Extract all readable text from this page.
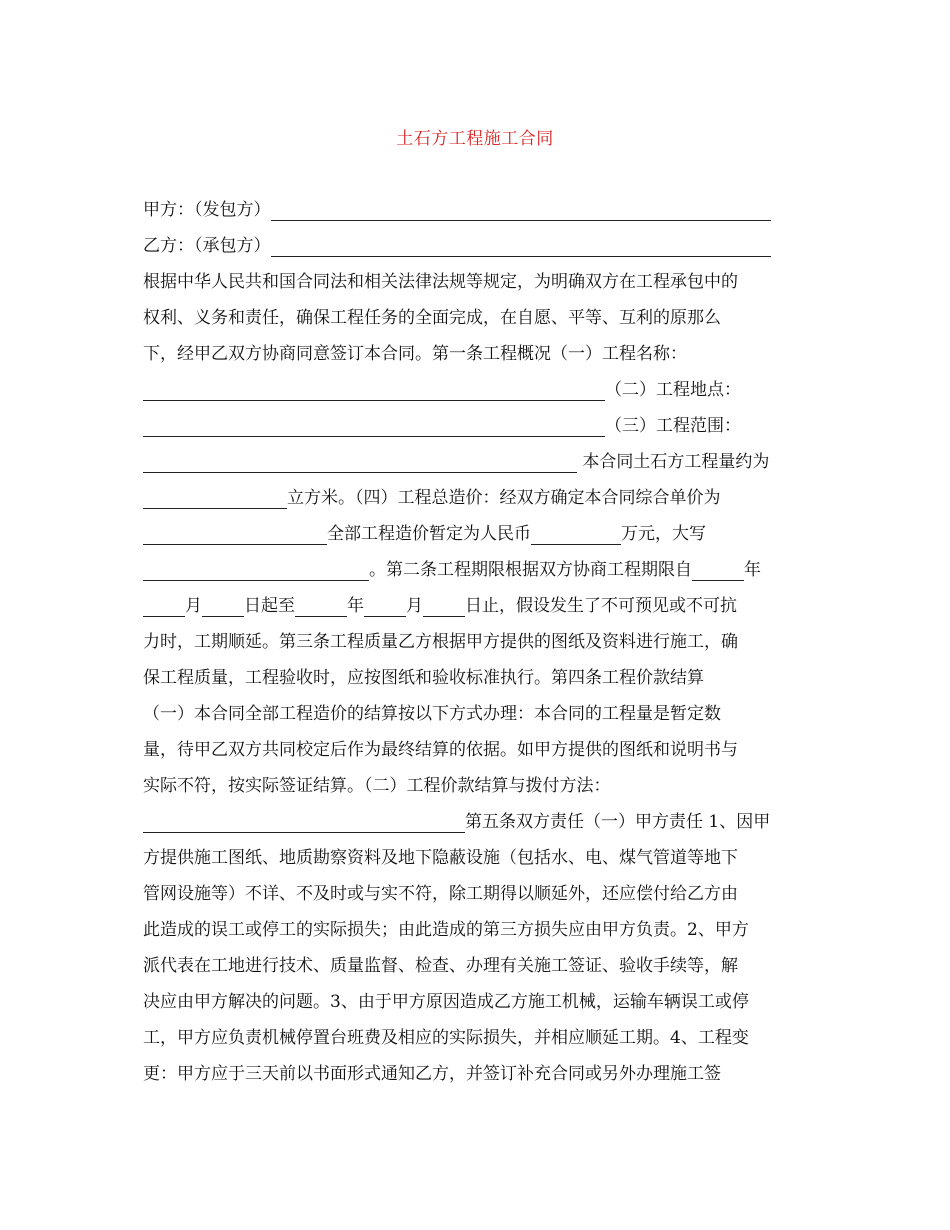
土石方工程施工合同
甲方：（发包方）
乙方：（承包方）
根据中华人民共和国合同法和相关法律法规等规定，为明确双方在工程承包中的
权利、义务和责任，确保工程任务的全面完成，在自愿、平等、互利的原那么
下，经甲乙双方协商同意签订本合同。第一条工程概况（一）工程名称：
（二）工程地点：
（三）工程范围：
本合同土石方工程量约为
立方米。（四）工程总造价：经双方确定本合同综合单价为
全部工程造价暂定为人民币	万元，大写
。第二条工程期限根据双方协商工程期限自	年
月 日起至	年 月 日止，假设发生了不可预见或不可抗
力时，工期顺延。第三条工程质量乙方根据甲方提供的图纸及资料进行施工，确
保工程质量，工程验收时，应按图纸和验收标准执行。第四条工程价款结算
（一）本合同全部工程造价的结算按以下方式办理：本合同的工程量是暂定数
量，待甲乙双方共同校定后作为最终结算的依据。如甲方提供的图纸和说明书与
实际不符，按实际签证结算。（二）工程价款结算与拨付方法：
第五条双方责任（一）甲方责任 1、因甲
方提供施工图纸、地质勘察资料及地下隐蔽设施（包括水、电、煤气管道等地下
管网设施等）不详、不及时或与实不符，除工期得以顺延外，还应偿付给乙方由
此造成的误工或停工的实际损失；由此造成的第三方损失应由甲方负责。2、甲方
派代表在工地进行技术、质量监督、检查、办理有关施工签证、验收手续等，解
决应由甲方解决的问题。3、由于甲方原因造成乙方施工机械，运输车辆误工或停
工，甲方应负责机械停置台班费及相应的实际损失，并相应顺延工期。4、工程变
更：甲方应于三天前以书面形式通知乙方，并签订补充合同或另外办理施工签
